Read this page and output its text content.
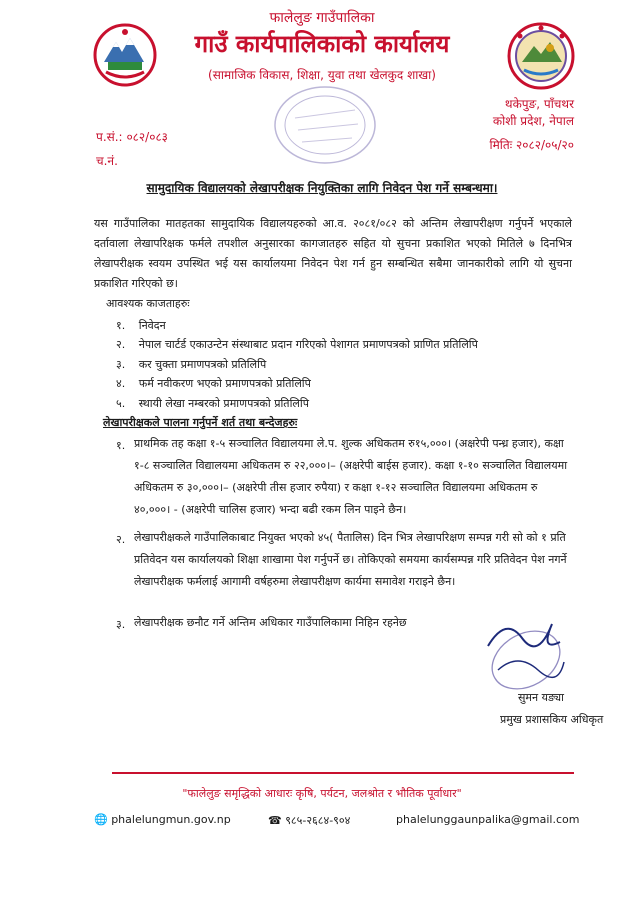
फालेलुङ गाउँपालिका
गाउँ कार्यपालिकाको कार्यालय
(सामाजिक विकास, शिक्षा, युवा तथा खेलकुद शाखा)
थकेपुङ, पाँचथर
कोशी प्रदेश, नेपाल
मितिः २०८२/०५/२०
प.सं.: ०८२/०८३
च.नं.
सामुदायिक विद्यालयको लेखापरीक्षक नियुक्तिका लागि निवेदन पेश गर्ने सम्बन्धमा।
यस गाउँपालिका मातहतका सामुदायिक विद्यालयहरुको आ.व. २०८१/०८२ को अन्तिम लेखापरीक्षण गर्नुपर्ने भएकाले दर्तावाला लेखापरिक्षक फर्मले तपशील अनुसारका कागजातहरु सहित यो सुचना प्रकाशित भएको मितिले ७ दिनभित्र लेखापरीक्षक स्वयम उपस्थित भई यस कार्यालयमा निवेदन पेश गर्न हुन सम्बन्धित सबैमा जानकारीको लागि यो सुचना प्रकाशित गरिएको छ।
आवश्यक काजताहरुः
१. निवेदन
२. नेपाल चार्टर्ड एकाउन्टेन संस्थाबाट प्रदान गरिएको पेशागत प्रमाणपत्रको प्राणित प्रतिलिपि
३. कर चुक्ता प्रमाणपत्रको प्रतिलिपि
४. फर्म नवीकरण भएको प्रमाणपत्रको प्रतिलिपि
५. स्थायी लेखा नम्बरको प्रमाणपत्रको प्रतिलिपि
लेखापरीक्षकले पालना गर्नुपर्ने शर्त तथा बन्देजहरुः
१. प्राथमिक तह कक्षा १-५ सञ्चालित विद्यालयमा ले.प. शुल्क अधिकतम रु१५,०००। (अक्षरेपी पन्ध्र हजार), कक्षा १-८ सञ्चालित विद्यालयमा अधिकतम रु २२,०००।– (अक्षरेपी बाईस हजार). कक्षा १-१० सञ्चालित विद्यालयमा अधिकतम रु ३०,०००।– (अक्षरेपी तीस हजार रुपैया) र कक्षा १-१२ सञ्चालित विद्यालयमा अधिकतम रु ४०,०००। - (अक्षरेपी चालिस हजार) भन्दा बढी रकम लिन पाइने छैन।
२. लेखापरीक्षकले गाउँपालिकाबाट नियुक्त भएको ४५( पैतालिस) दिन भित्र लेखापरिक्षण सम्पन्न गरी सो को १ प्रति प्रतिवेदन यस कार्यालयको शिक्षा शाखामा पेश गर्नुपर्ने छ। तोकिएको समयमा कार्यसम्पन्न गरि प्रतिवेदन पेश नगर्ने लेखापरीक्षक फर्मलाई आगामी वर्षहरुमा लेखापरीक्षण कार्यमा समावेश गराइने छैन।
३. लेखापरीक्षक छनौट गर्ने अन्तिम अधिकार गाउँपालिकामा निहिन रहनेछ
सुमन यङ्या
प्रमुख प्रशासकिय अधिकृत
"फालेलुङ समृद्धिको आधारः कृषि, पर्यटन, जलश्रोत र भौतिक पूर्वाधार"
🌐 phalelungmun.gov.np	☎ ९८५-२६८४-९०४	phalelunggaunpalika@gmail.com
